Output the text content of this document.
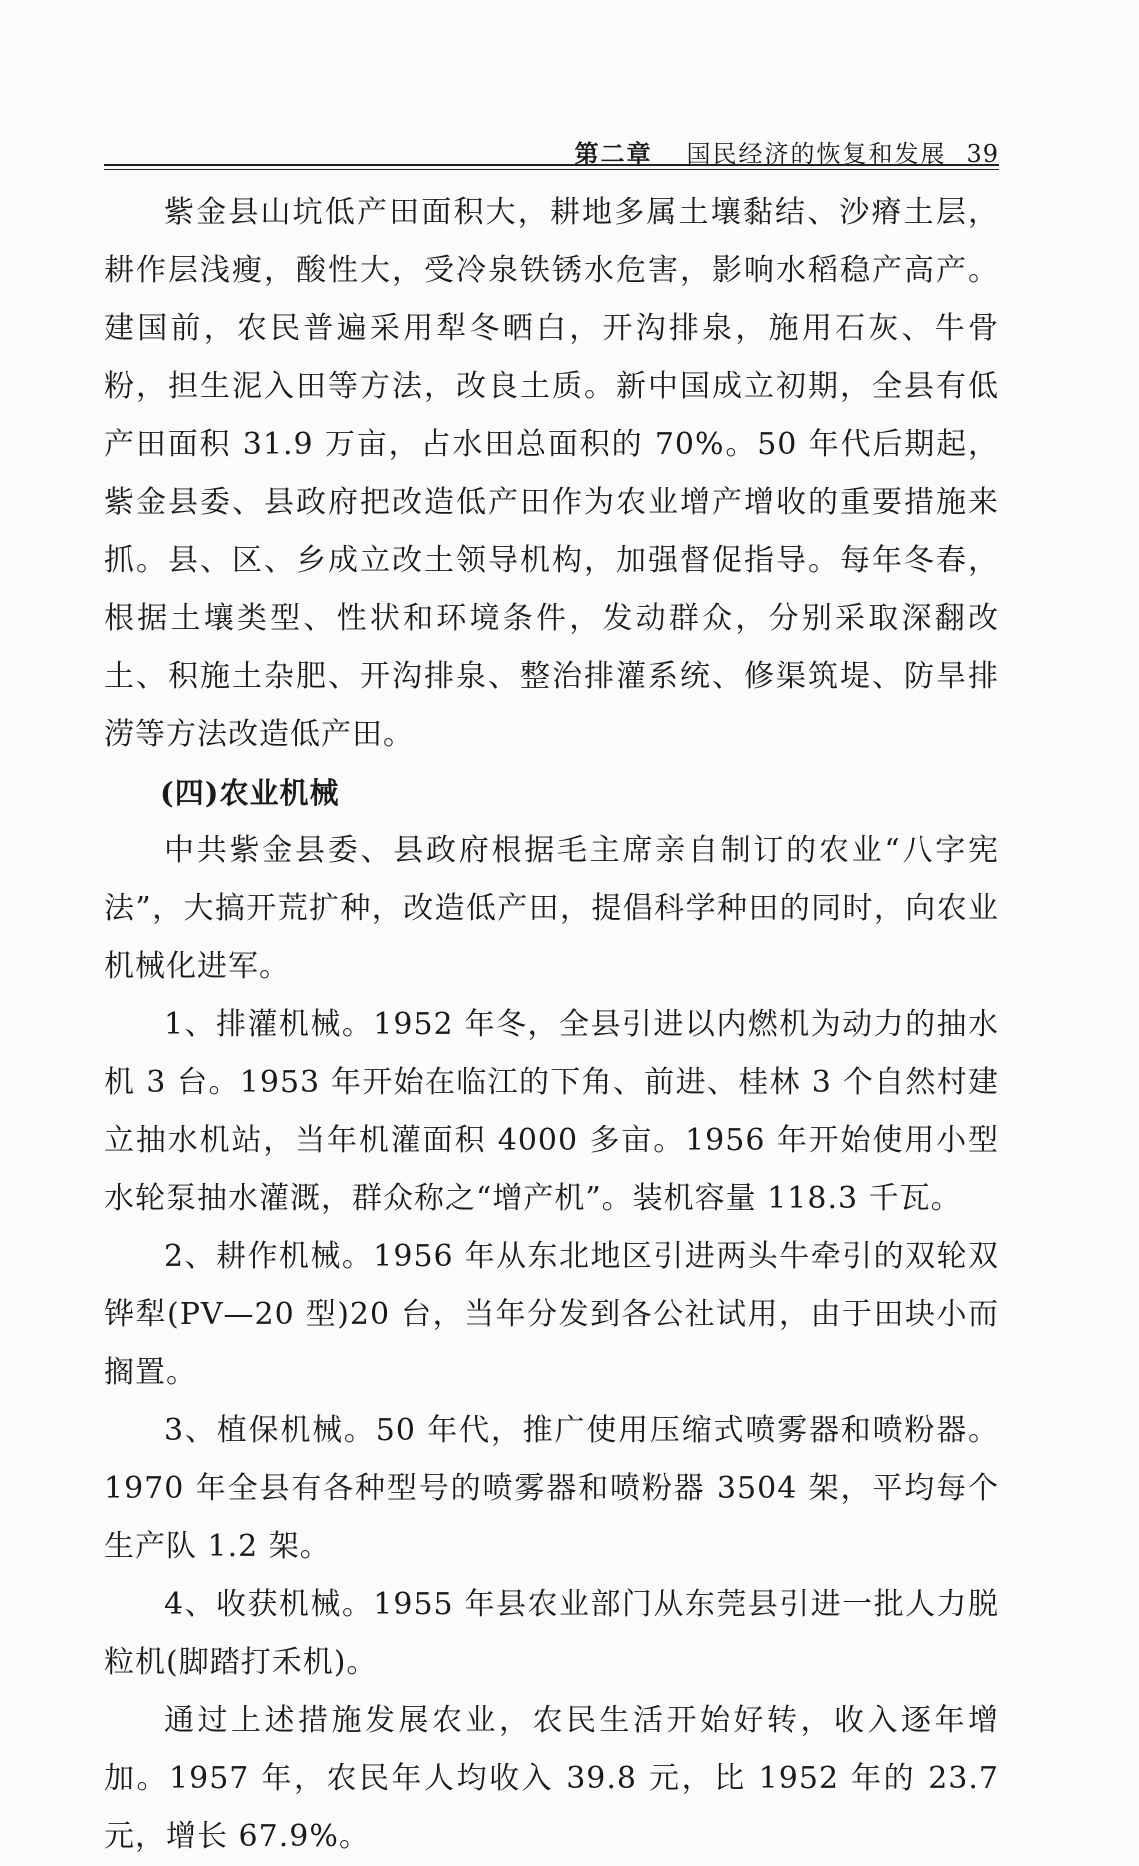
第二章 国民经济的恢复和发展 39

紫金县山坑低产田面积大，耕地多属土壤黏结、沙瘠土层，耕作层浅瘦，酸性大，受冷泉铁锈水危害，影响水稻稳产高产。建国前，农民普遍采用犁冬晒白，开沟排泉，施用石灰、牛骨粉，担生泥入田等方法，改良土质。新中国成立初期，全县有低产田面积 31.9 万亩，占水田总面积的 70%。50 年代后期起，紫金县委、县政府把改造低产田作为农业增产增收的重要措施来抓。县、区、乡成立改土领导机构，加强督促指导。每年冬春，根据土壤类型、性状和环境条件，发动群众，分别采取深翻改土、积施土杂肥、开沟排泉、整治排灌系统、修渠筑堤、防旱排涝等方法改造低产田。

(四)农业机械

中共紫金县委、县政府根据毛主席亲自制订的农业“八字宪法”，大搞开荒扩种，改造低产田，提倡科学种田的同时，向农业机械化进军。

1、排灌机械。1952 年冬，全县引进以内燃机为动力的抽水机 3 台。1953 年开始在临江的下角、前进、桂林 3 个自然村建立抽水机站，当年机灌面积 4000 多亩。1956 年开始使用小型水轮泵抽水灌溉，群众称之“增产机”。装机容量 118.3 千瓦。

2、耕作机械。1956 年从东北地区引进两头牛牵引的双轮双铧犁(PV—20 型)20 台，当年分发到各公社试用，由于田块小而搁置。

3、植保机械。50 年代，推广使用压缩式喷雾器和喷粉器。1970 年全县有各种型号的喷雾器和喷粉器 3504 架，平均每个生产队 1.2 架。

4、收获机械。1955 年县农业部门从东莞县引进一批人力脱粒机(脚踏打禾机)。

通过上述措施发展农业，农民生活开始好转，收入逐年增加。1957 年，农民年人均收入 39.8 元，比 1952 年的 23.7 元，增长 67.9%。
